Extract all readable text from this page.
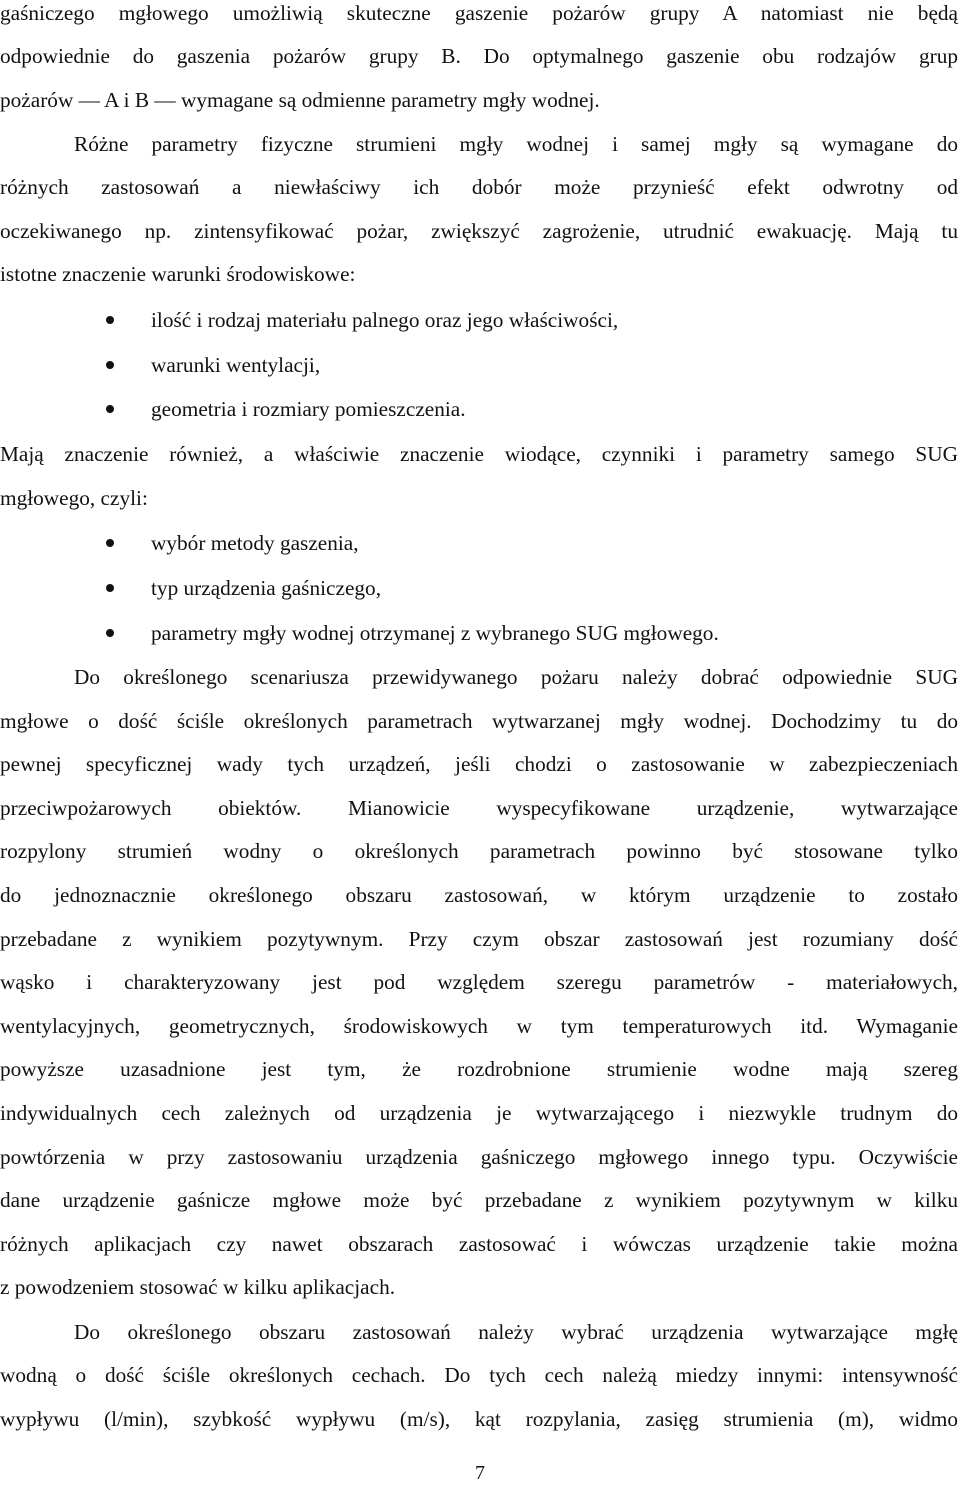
gaśniczego mgłowego umożliwią skuteczne gaszenie pożarów grupy A natomiast nie będą

odpowiednie do gaszenia pożarów grupy B. Do optymalnego gaszenie obu rodzajów grup

pożarów — A i B — wymagane są odmienne parametry mgły wodnej.

Różne parametry fizyczne strumieni mgły wodnej i samej mgły są wymagane do

różnych zastosowań a niewłaściwy ich dobór może przynieść efekt odwrotny od

oczekiwanego np. zintensyfikować pożar, zwiększyć zagrożenie, utrudnić ewakuację. Mają tu

istotne znaczenie warunki środowiskowe:

ilość i rodzaj materiału palnego oraz jego właściwości,
warunki wentylacji,
geometria i rozmiary pomieszczenia.

Mają znaczenie również, a właściwie znaczenie wiodące, czynniki i parametry samego SUG

mgłowego, czyli:

wybór metody gaszenia,
typ urządzenia gaśniczego,
parametry mgły wodnej otrzymanej z wybranego SUG mgłowego.

Do określonego scenariusza przewidywanego pożaru należy dobrać odpowiednie SUG

mgłowe o dość ściśle określonych parametrach wytwarzanej mgły wodnej. Dochodzimy tu do

pewnej specyficznej wady tych urządzeń, jeśli chodzi o zastosowanie w zabezpieczeniach

przeciwpożarowych obiektów. Mianowicie wyspecyfikowane urządzenie, wytwarzające

rozpylony strumień wodny o określonych parametrach powinno być stosowane tylko

do jednoznacznie określonego obszaru zastosowań, w którym urządzenie to zostało

przebadane z wynikiem pozytywnym. Przy czym obszar zastosowań jest rozumiany dość

wąsko i charakteryzowany jest pod względem szeregu parametrów - materiałowych,

wentylacyjnych, geometrycznych, środowiskowych w tym temperaturowych itd. Wymaganie

powyższe uzasadnione jest tym, że rozdrobnione strumienie wodne mają szereg

indywidualnych cech zależnych od urządzenia je wytwarzającego i niezwykle trudnym do

powtórzenia w przy zastosowaniu urządzenia gaśniczego mgłowego innego typu. Oczywiście

dane urządzenie gaśnicze mgłowe może być przebadane z wynikiem pozytywnym w kilku

różnych aplikacjach czy nawet obszarach zastosować i wówczas urządzenie takie można

z powodzeniem stosować w kilku aplikacjach.

Do określonego obszaru zastosowań należy wybrać urządzenia wytwarzające mgłę

wodną o dość ściśle określonych cechach. Do tych cech należą miedzy innymi: intensywność

wypływu (l/min), szybkość wypływu (m/s), kąt rozpylania, zasięg strumienia (m), widmo

7
